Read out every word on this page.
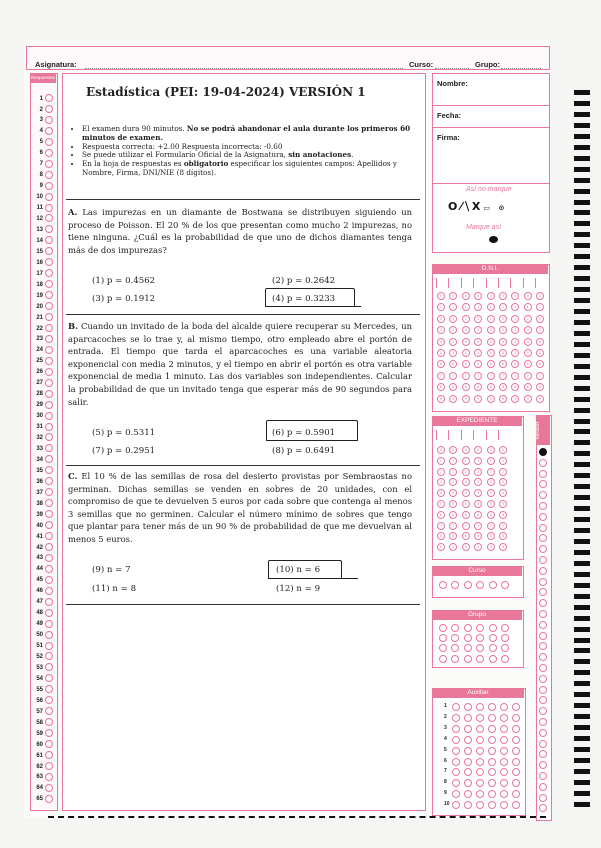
Asignatura:	Curso:	Grupo:
Respuestas
1
2
3
4
5
6
7
8
9
10
11
12
13
14
15
16
17
18
19
20
21
22
23
24
25
26
27
28
29
30
31
32
33
34
35
36
37
38
39
40
41
42
43
44
45
46
47
48
49
50
51
52
53
54
55
56
57
58
59
60
61
62
63
64
65
Estadística (PEI: 19-04-2024) VERSIÓN 1
• El examen dura 90 minutos. No se podrá abandonar el aula durante los primeros 60 minutos de examen.
• Respuesta correcta: +2.00 Respuesta incorrecta: -0.60
• Se puede utilizar el Formulario Oficial de la Asignatura, sin anotaciones.
• En la hoja de respuestas es obligatorio especificar los siguientes campos: Apellidos y Nombre, Firma, DNI/NIE (8 dígitos).
A. Las impurezas en un diamante de Bostwana se distribuyen siguiendo un proceso de Poisson. El 20 % de los que presentan como mucho 2 impurezas, no tiene ninguna. ¿Cuál es la probabilidad de que uno de dichos diamantes tenga más de dos impurezas?
(1) p = 0.4562	(2) p = 0.2642
(3) p = 0.1912	(4) p = 0.3233
B. Cuando un invitado de la boda del alcalde quiere recuperar su Mercedes, un aparcacoches se lo trae y, al mismo tiempo, otro empleado abre el portón de entrada. El tiempo que tarda el aparcacoches es una variable aleatoria exponencial con media 2 minutos, y el tiempo en abrir el portón es otra variable exponencial de media 1 minuto. Las dos variables son independientes. Calcular la probabilidad de que un invitado tenga que esperar más de 90 segundos para salir.
(5) p = 0.5311	(6) p = 0.5901
(7) p = 0.2951	(8) p = 0.6491
C. El 10 % de las semillas de rosa del desierto provistas por Sembraostas no germinan. Dichas semillas se venden en sobres de 20 unidades, con el compromiso de que te devuelven 5 euros por cada sobre que contenga al menos 3 semillas que no germinen. Calcular el número mínimo de sobres que tengo que plantar para tener más de un 90 % de probabilidad de que me devuelvan al menos 5 euros.
(9) n = 7	(10) n = 6
(11) n = 8	(12) n = 9
Nombre:
Fecha:
Firma:
Así no marque
O⁄⧹X▭ ⊙
Marque así
D.N.I.
0	0	0	0	0	0	0	0	0
1	1	1	1	1	1	1	1	1
2	2	2	2	2	2	2	2	2
3	3	3	3	3	3	3	3	3
4	4	4	4	4	4	4	4	4
5	5	5	5	5	5	5	5	5
6	6	6	6	6	6	6	6	6
7	7	7	7	7	7	7	7	7
8	8	8	8	8	8	8	8	8
9	9	9	9	9	9	9	9	9
EXPEDIENTE
0	0	0	0	0	0
1	1	1	1	1	1
2	2	2	2	2	2
3	3	3	3	3	3
4	4	4	4	4	4
5	5	5	5	5	5
6	6	6	6	6	6
7	7	7	7	7	7
8	8	8	8	8	8
9	9	9	9	9	9
Curso
Grupo
Auxiliar
1
2
3
4
5
6
7
8
9
10
Versión
